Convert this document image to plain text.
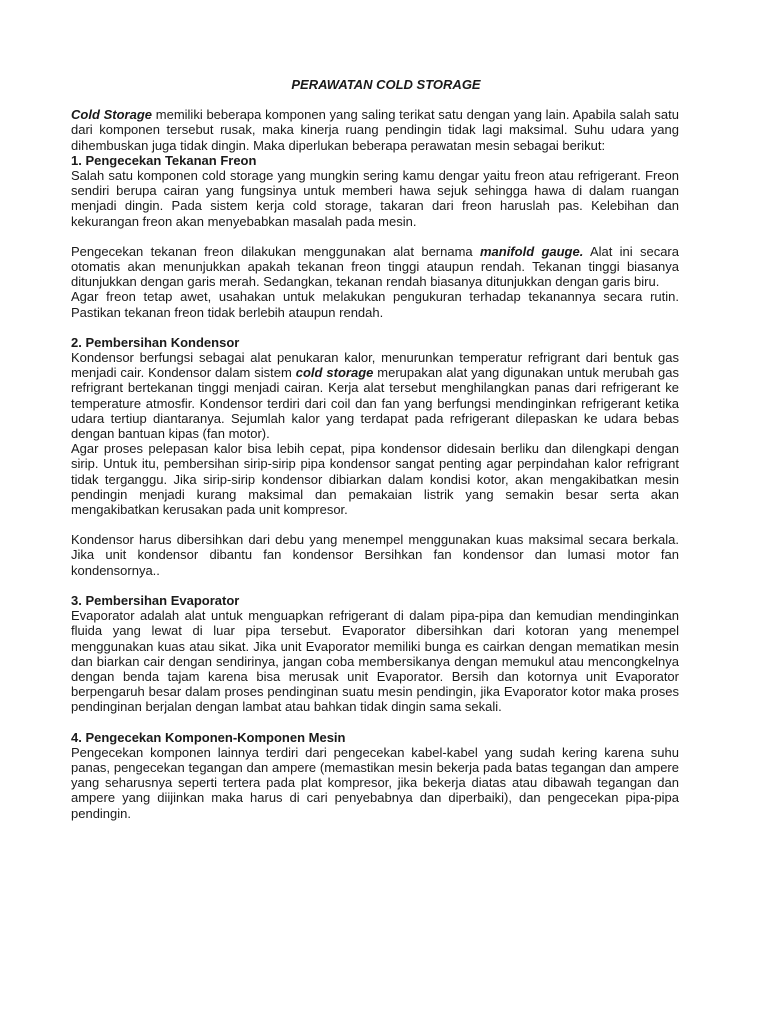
PERAWATAN COLD STORAGE

Cold Storage memiliki beberapa komponen yang saling terikat satu dengan yang lain. Apabila salah satu dari komponen tersebut rusak, maka kinerja ruang pendingin tidak lagi maksimal. Suhu udara yang dihembuskan juga tidak dingin. Maka diperlukan beberapa perawatan mesin sebagai berikut:

1. Pengecekan Tekanan Freon

Salah satu komponen cold storage yang mungkin sering kamu dengar yaitu freon atau refrigerant. Freon sendiri berupa cairan yang fungsinya untuk memberi hawa sejuk sehingga hawa di dalam ruangan menjadi dingin. Pada sistem kerja cold storage, takaran dari freon haruslah pas. Kelebihan dan kekurangan freon akan menyebabkan masalah pada mesin.

Pengecekan tekanan freon dilakukan menggunakan alat bernama manifold gauge. Alat ini secara otomatis akan menunjukkan apakah tekanan freon tinggi ataupun rendah. Tekanan tinggi biasanya ditunjukkan dengan garis merah. Sedangkan, tekanan rendah biasanya ditunjukkan dengan garis biru.

Agar freon tetap awet, usahakan untuk melakukan pengukuran terhadap tekanannya secara rutin. Pastikan tekanan freon tidak berlebih ataupun rendah.

2. Pembersihan Kondensor

Kondensor berfungsi sebagai alat penukaran kalor, menurunkan temperatur refrigrant dari bentuk gas menjadi cair. Kondensor dalam sistem cold storage merupakan alat yang digunakan untuk merubah gas refrigrant bertekanan tinggi menjadi cairan. Kerja alat tersebut menghilangkan panas dari refrigerant ke temperature atmosfir. Kondensor terdiri dari coil dan fan yang berfungsi mendinginkan refrigerant ketika udara tertiup diantaranya. Sejumlah kalor yang terdapat pada refrigerant dilepaskan ke udara bebas dengan bantuan kipas (fan motor).

Agar proses pelepasan kalor bisa lebih cepat, pipa kondensor didesain berliku dan dilengkapi dengan sirip. Untuk itu, pembersihan sirip-sirip pipa kondensor sangat penting agar perpindahan kalor refrigrant tidak terganggu. Jika sirip-sirip kondensor dibiarkan dalam kondisi kotor, akan mengakibatkan mesin pendingin menjadi kurang maksimal dan pemakaian listrik yang semakin besar serta akan mengakibatkan kerusakan pada unit kompresor.

Kondensor harus dibersihkan dari debu yang menempel menggunakan kuas maksimal secara berkala. Jika unit kondensor dibantu fan kondensor Bersihkan fan kondensor dan lumasi motor fan kondensornya..

3. Pembersihan Evaporator

Evaporator adalah alat untuk menguapkan refrigerant di dalam pipa-pipa dan kemudian mendinginkan fluida yang lewat di luar pipa tersebut. Evaporator dibersihkan dari kotoran yang menempel menggunakan kuas atau sikat. Jika unit Evaporator memiliki bunga es cairkan dengan mematikan mesin dan biarkan cair dengan sendirinya, jangan coba membersikanya dengan memukul atau mencongkelnya dengan benda tajam karena bisa merusak unit Evaporator. Bersih dan kotornya unit Evaporator berpengaruh besar dalam proses pendinginan suatu mesin pendingin, jika Evaporator kotor maka proses pendinginan berjalan dengan lambat atau bahkan tidak dingin sama sekali.

4. Pengecekan Komponen-Komponen Mesin

Pengecekan komponen lainnya terdiri dari pengecekan kabel-kabel yang sudah kering karena suhu panas, pengecekan tegangan dan ampere (memastikan mesin bekerja pada batas tegangan dan ampere yang seharusnya seperti tertera pada plat kompresor, jika bekerja diatas atau dibawah tegangan dan ampere yang diijinkan maka harus di cari penyebabnya dan diperbaiki), dan pengecekan pipa-pipa pendingin.
